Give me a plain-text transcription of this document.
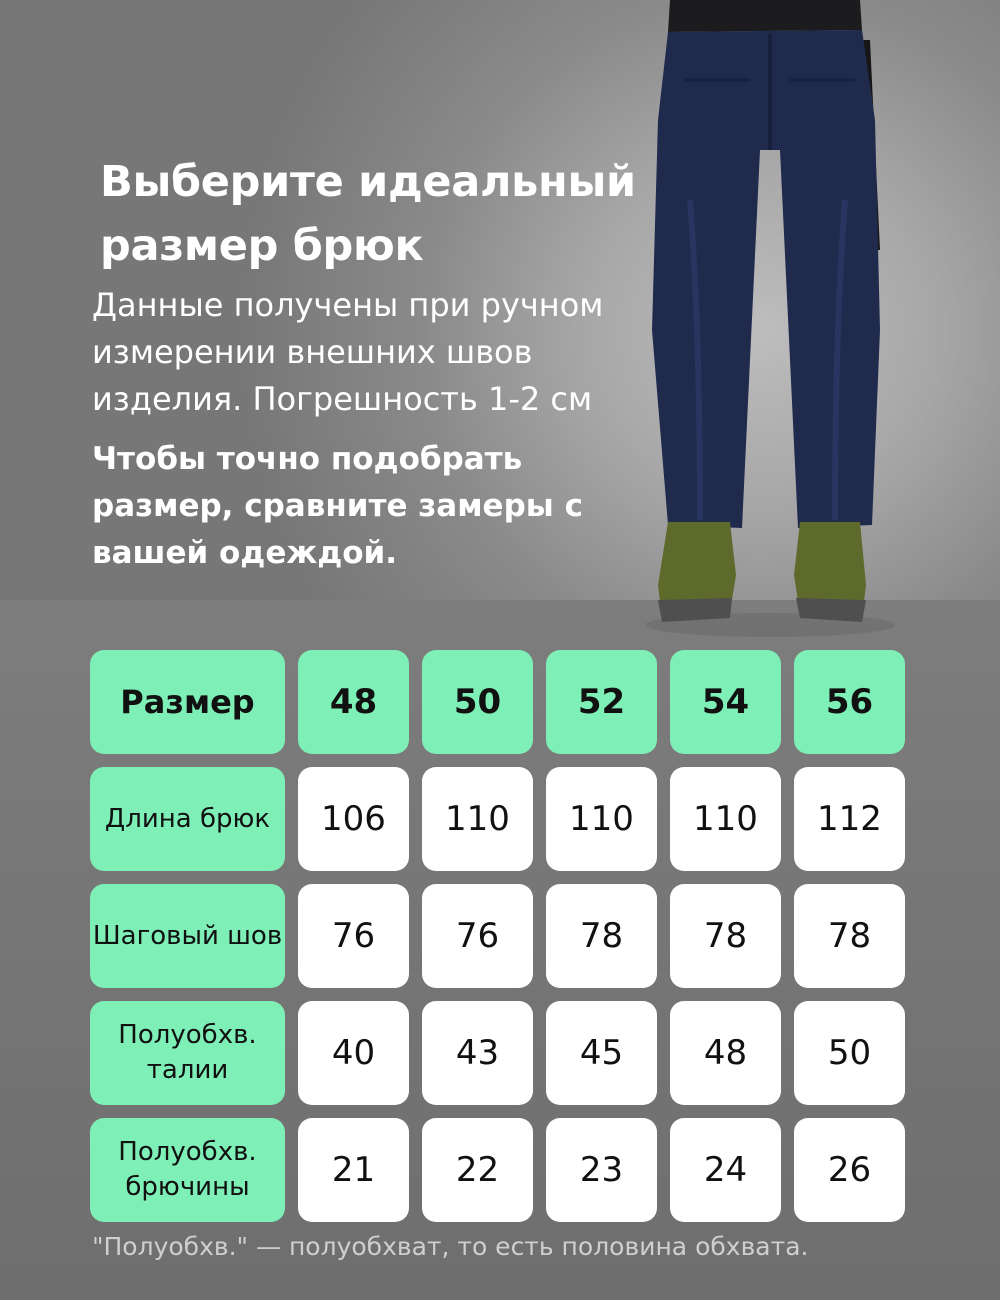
Выберите идеальный размер брюк

Данные получены при ручном измерении внешних швов изделия. Погрешность 1-2 см

Чтобы точно подобрать размер, сравните замеры с вашей одеждой.

Размер	48	50	52	54	56
Длина брюк	106	110	110	110	112
Шаговый шов	76	76	78	78	78
Полуобхв. талии	40	43	45	48	50
Полуобхв. брючины	21	22	23	24	26

"Полуобхв." — полуобхват, то есть половина обхвата.
